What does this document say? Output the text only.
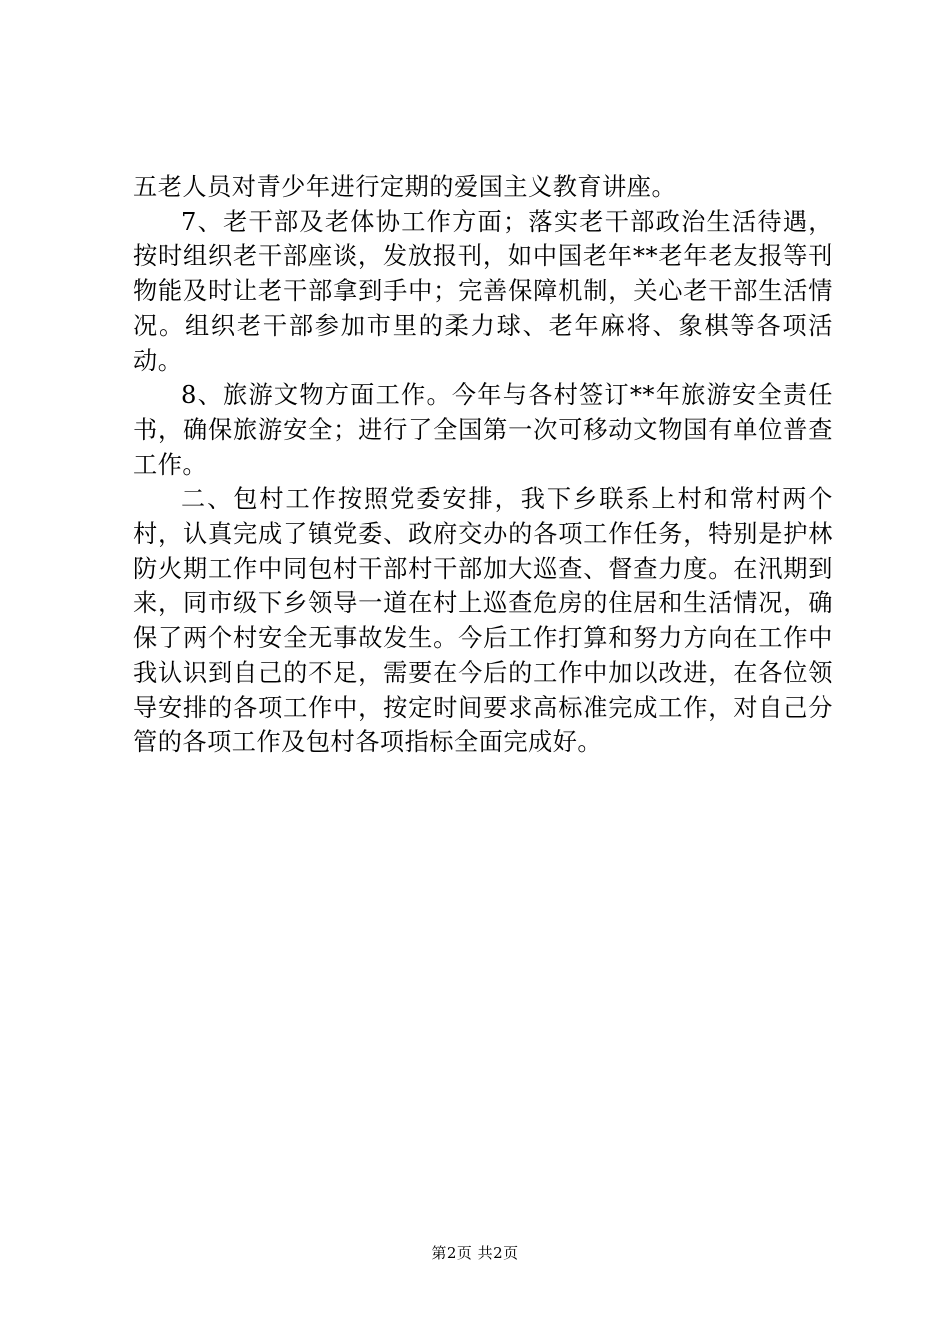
五老人员对青少年进行定期的爱国主义教育讲座。

7、老干部及老体协工作方面；落实老干部政治生活待遇，按时组织老干部座谈，发放报刊，如中国老年**老年老友报等刊物能及时让老干部拿到手中；完善保障机制，关心老干部生活情况。组织老干部参加市里的柔力球、老年麻将、象棋等各项活动。

8、旅游文物方面工作。今年与各村签订**年旅游安全责任书，确保旅游安全；进行了全国第一次可移动文物国有单位普查工作。

二、包村工作按照党委安排，我下乡联系上村和常村两个村，认真完成了镇党委、政府交办的各项工作任务，特别是护林防火期工作中同包村干部村干部加大巡查、督查力度。在汛期到来，同市级下乡领导一道在村上巡查危房的住居和生活情况，确保了两个村安全无事故发生。今后工作打算和努力方向在工作中我认识到自己的不足，需要在今后的工作中加以改进，在各位领导安排的各项工作中，按定时间要求高标准完成工作，对自己分管的各项工作及包村各项指标全面完成好。

第2页 共2页
